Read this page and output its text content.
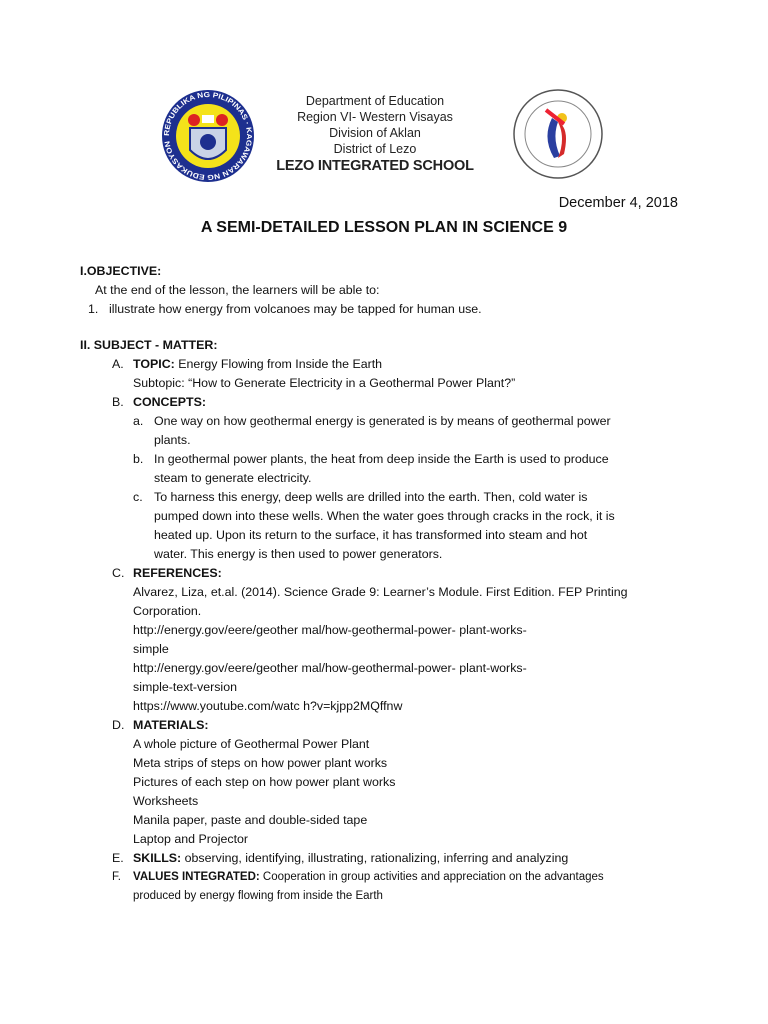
REPUBLIKA NG PILIPINAS · KAGAWARAN NG EDUKASYON
Department of Education
Region VI- Western Visayas
Division of Aklan
District of Lezo
LEZO INTEGRATED SCHOOL
December 4, 2018
A SEMI-DETAILED LESSON PLAN IN SCIENCE 9
I.OBJECTIVE:
At the end of the lesson, the learners will be able to:
1. illustrate how energy from volcanoes may be tapped for human use.
II. SUBJECT - MATTER:
A. TOPIC: Energy Flowing from Inside the Earth
Subtopic: “How to Generate Electricity in a Geothermal Power Plant?”
B. CONCEPTS:
a. One way on how geothermal energy is generated is by means of geothermal power
plants.
b. In geothermal power plants, the heat from deep inside the Earth is used to produce
steam to generate electricity.
c. To harness this energy, deep wells are drilled into the earth. Then, cold water is
pumped down into these wells. When the water goes through cracks in the rock, it is
heated up. Upon its return to the surface, it has transformed into steam and hot
water. This energy is then used to power generators.
C. REFERENCES:
Alvarez, Liza, et.al. (2014). Science Grade 9: Learner’s Module. First Edition. FEP Printing
Corporation.
http://energy.gov/eere/geother mal/how-geothermal-power- plant-works-
simple
http://energy.gov/eere/geother mal/how-geothermal-power- plant-works-
simple-text-version
https://www.youtube.com/watc h?v=kjpp2MQffnw
D. MATERIALS:
A whole picture of Geothermal Power Plant
Meta strips of steps on how power plant works
Pictures of each step on how power plant works
Worksheets
Manila paper, paste and double-sided tape
Laptop and Projector
E. SKILLS: observing, identifying, illustrating, rationalizing, inferring and analyzing
F.	VALUES INTEGRATED: Cooperation in group activities and appreciation on the advantages
produced by energy flowing from inside the Earth
